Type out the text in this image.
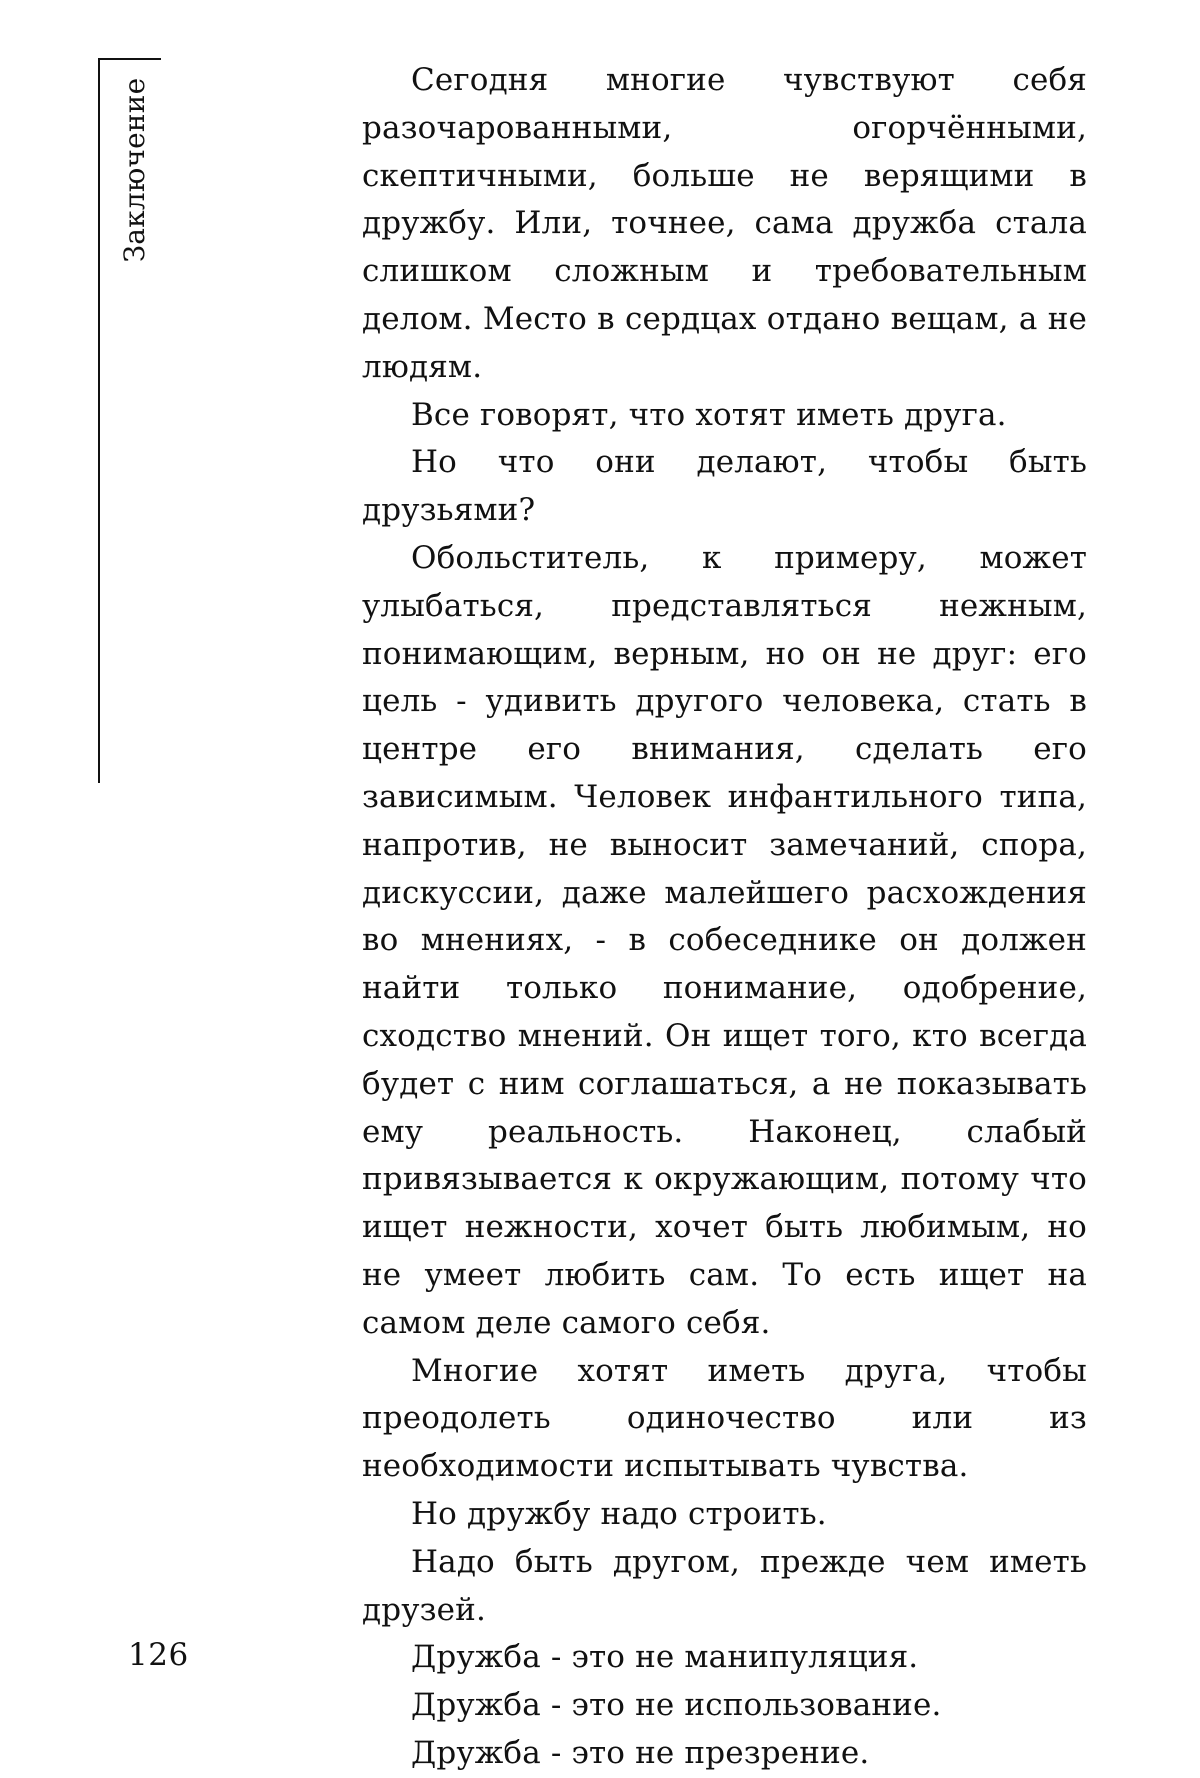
Заключение	Сегодня многие чувствуют себя разочарованными, огорчёнными, скептичными, больше не верящими в дружбу. Или, точнее, сама дружба стала слишком сложным и требовательным делом. Место в сердцах отдано вещам, а не людям.

Все говорят, что хотят иметь друга.

Но что они делают, чтобы быть друзьями?

Обольститель, к примеру, может улыбаться, представляться нежным, понимающим, верным, но он не друг: его цель - удивить другого человека, стать в центре его внимания, сделать его зависимым. Человек инфантильного типа, напротив, не выносит замечаний, спора, дискуссии, даже малейшего расхождения во мнениях, - в собеседнике он должен найти только понимание, одобрение, сходство мнений. Он ищет того, кто всегда будет с ним соглашаться, а не показывать ему реальность. Наконец, слабый привязывается к окружающим, потому что ищет нежности, хочет быть любимым, но не умеет любить сам. То есть ищет на самом деле самого себя.

Многие хотят иметь друга, чтобы преодолеть одиночество или из необходимости испытывать чувства.

Но дружбу надо строить.

Надо быть другом, прежде чем иметь друзей.

Дружба - это не манипуляция.

Дружба - это не использование.

Дружба - это не презрение.

126
